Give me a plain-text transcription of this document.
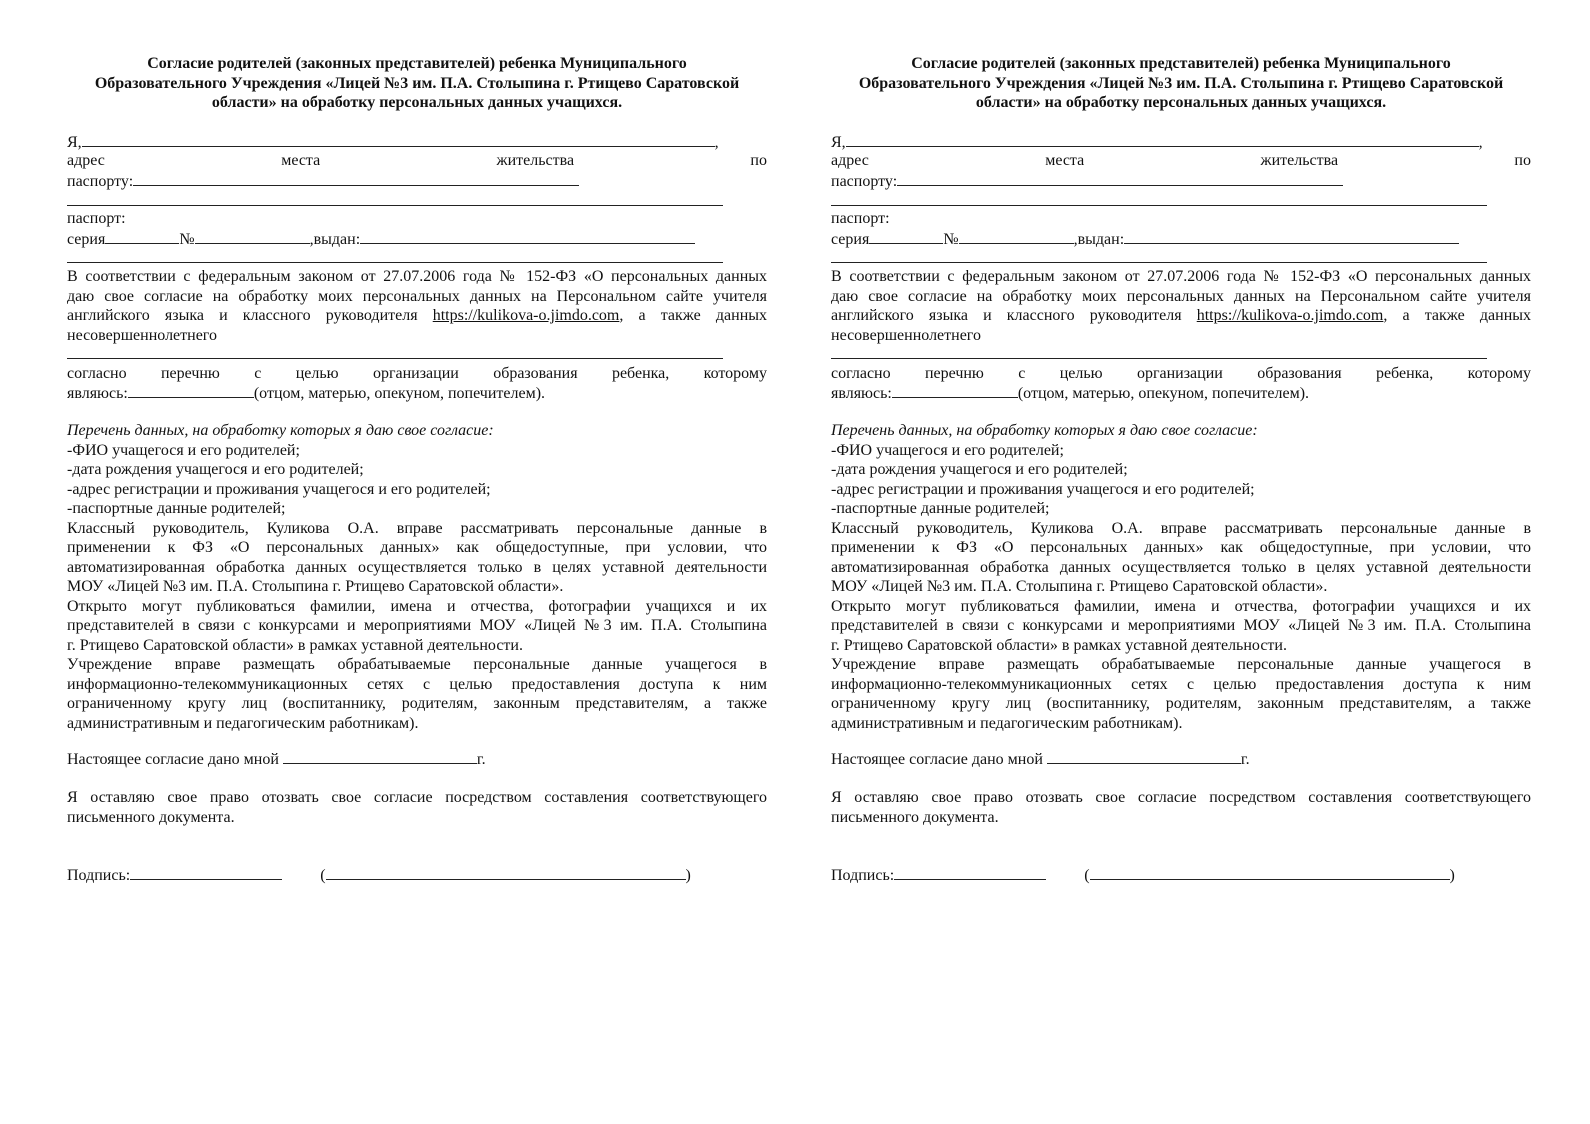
Согласие родителей (законных представителей) ребенка Муниципального
Образовательного Учреждения «Лицей №3 им. П.А. Столыпина г. Ртищево Саратовской
области» на обработку персональных данных учащихся.
Я,	,
адрес	места	жительства	по
паспорту:
паспорт:
серия	№	,выдан:
В соответствии с федеральным законом от 27.07.2006 года № 152-ФЗ «О персональных данных
даю свое согласие на обработку моих персональных данных на Персональном сайте учителя
английского языка и классного руководителя https://kulikova-o.jimdo.com, а также данных
несовершеннолетнего
согласно перечню с целью организации образования ребенка, которому
являюсь:	(отцом, матерью, опекуном, попечителем).
Перечень данных, на обработку которых я даю свое согласие:
-ФИО учащегося и его родителей;
-дата рождения учащегося и его родителей;
-адрес регистрации и проживания учащегося и его родителей;
-паспортные данные родителей;
Классный руководитель, Куликова О.А. вправе рассматривать персональные данные в
применении к ФЗ «О персональных данных» как общедоступные, при условии, что
автоматизированная обработка данных осуществляется только в целях уставной деятельности
МОУ «Лицей №3 им. П.А. Столыпина г. Ртищево Саратовской области».
Открыто могут публиковаться фамилии, имена и отчества, фотографии учащихся и их
представителей в связи с конкурсами и мероприятиями МОУ «Лицей №3 им. П.А. Столыпина
г. Ртищево Саратовской области» в рамках уставной деятельности.
Учреждение вправе размещать обрабатываемые персональные данные учащегося в
информационно-телекоммуникационных сетях с целью предоставления доступа к ним
ограниченному кругу лиц (воспитаннику, родителям, законным представителям, а также
административным и педагогическим работникам).
Настоящее согласие дано мной	г.
Я оставляю свое право отозвать свое согласие посредством составления соответствующего
письменного документа.
Подпись:	(	)
Согласие родителей (законных представителей) ребенка Муниципального
Образовательного Учреждения «Лицей №3 им. П.А. Столыпина г. Ртищево Саратовской
области» на обработку персональных данных учащихся.
Я,	,
адрес	места	жительства	по
паспорту:
паспорт:
серия	№	,выдан:
В соответствии с федеральным законом от 27.07.2006 года № 152-ФЗ «О персональных данных
даю свое согласие на обработку моих персональных данных на Персональном сайте учителя
английского языка и классного руководителя https://kulikova-o.jimdo.com, а также данных
несовершеннолетнего
согласно перечню с целью организации образования ребенка, которому
являюсь:	(отцом, матерью, опекуном, попечителем).
Перечень данных, на обработку которых я даю свое согласие:
-ФИО учащегося и его родителей;
-дата рождения учащегося и его родителей;
-адрес регистрации и проживания учащегося и его родителей;
-паспортные данные родителей;
Классный руководитель, Куликова О.А. вправе рассматривать персональные данные в
применении к ФЗ «О персональных данных» как общедоступные, при условии, что
автоматизированная обработка данных осуществляется только в целях уставной деятельности
МОУ «Лицей №3 им. П.А. Столыпина г. Ртищево Саратовской области».
Открыто могут публиковаться фамилии, имена и отчества, фотографии учащихся и их
представителей в связи с конкурсами и мероприятиями МОУ «Лицей №3 им. П.А. Столыпина
г. Ртищево Саратовской области» в рамках уставной деятельности.
Учреждение вправе размещать обрабатываемые персональные данные учащегося в
информационно-телекоммуникационных сетях с целью предоставления доступа к ним
ограниченному кругу лиц (воспитаннику, родителям, законным представителям, а также
административным и педагогическим работникам).
Настоящее согласие дано мной	г.
Я оставляю свое право отозвать свое согласие посредством составления соответствующего
письменного документа.
Подпись:	(	)
